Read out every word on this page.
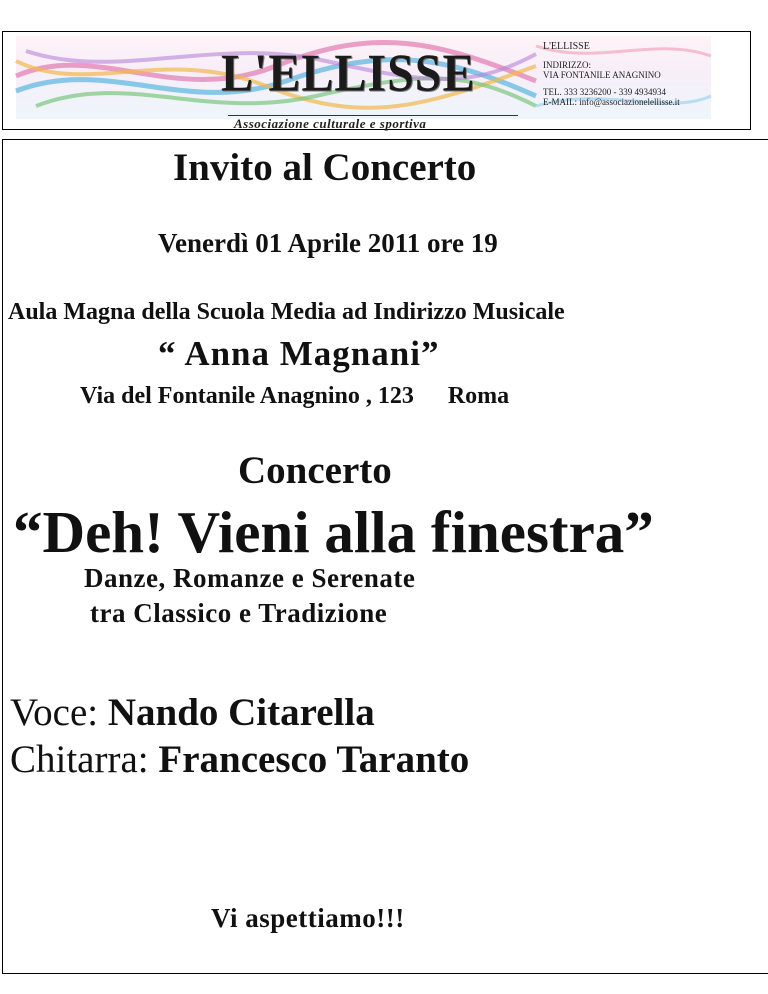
L'ELLISSE	L'ELLISSE
INDIRIZZO:
VIA FONTANILE ANAGNINO
TEL. 333 3236200 - 339 4934934
E-MAIL: info@associazionelellisse.it
Associazione culturale e sportiva
Invito al Concerto
Venerdì 01 Aprile 2011 ore 19
Aula Magna della Scuola Media ad Indirizzo Musicale
“ Anna Magnani”
Via del Fontanile Anagnino , 123 Roma
Concerto
“Deh! Vieni alla finestra”
Danze, Romanze e Serenate
tra Classico e Tradizione
Voce: Nando Citarella
Chitarra: Francesco Taranto
Vi aspettiamo!!!
